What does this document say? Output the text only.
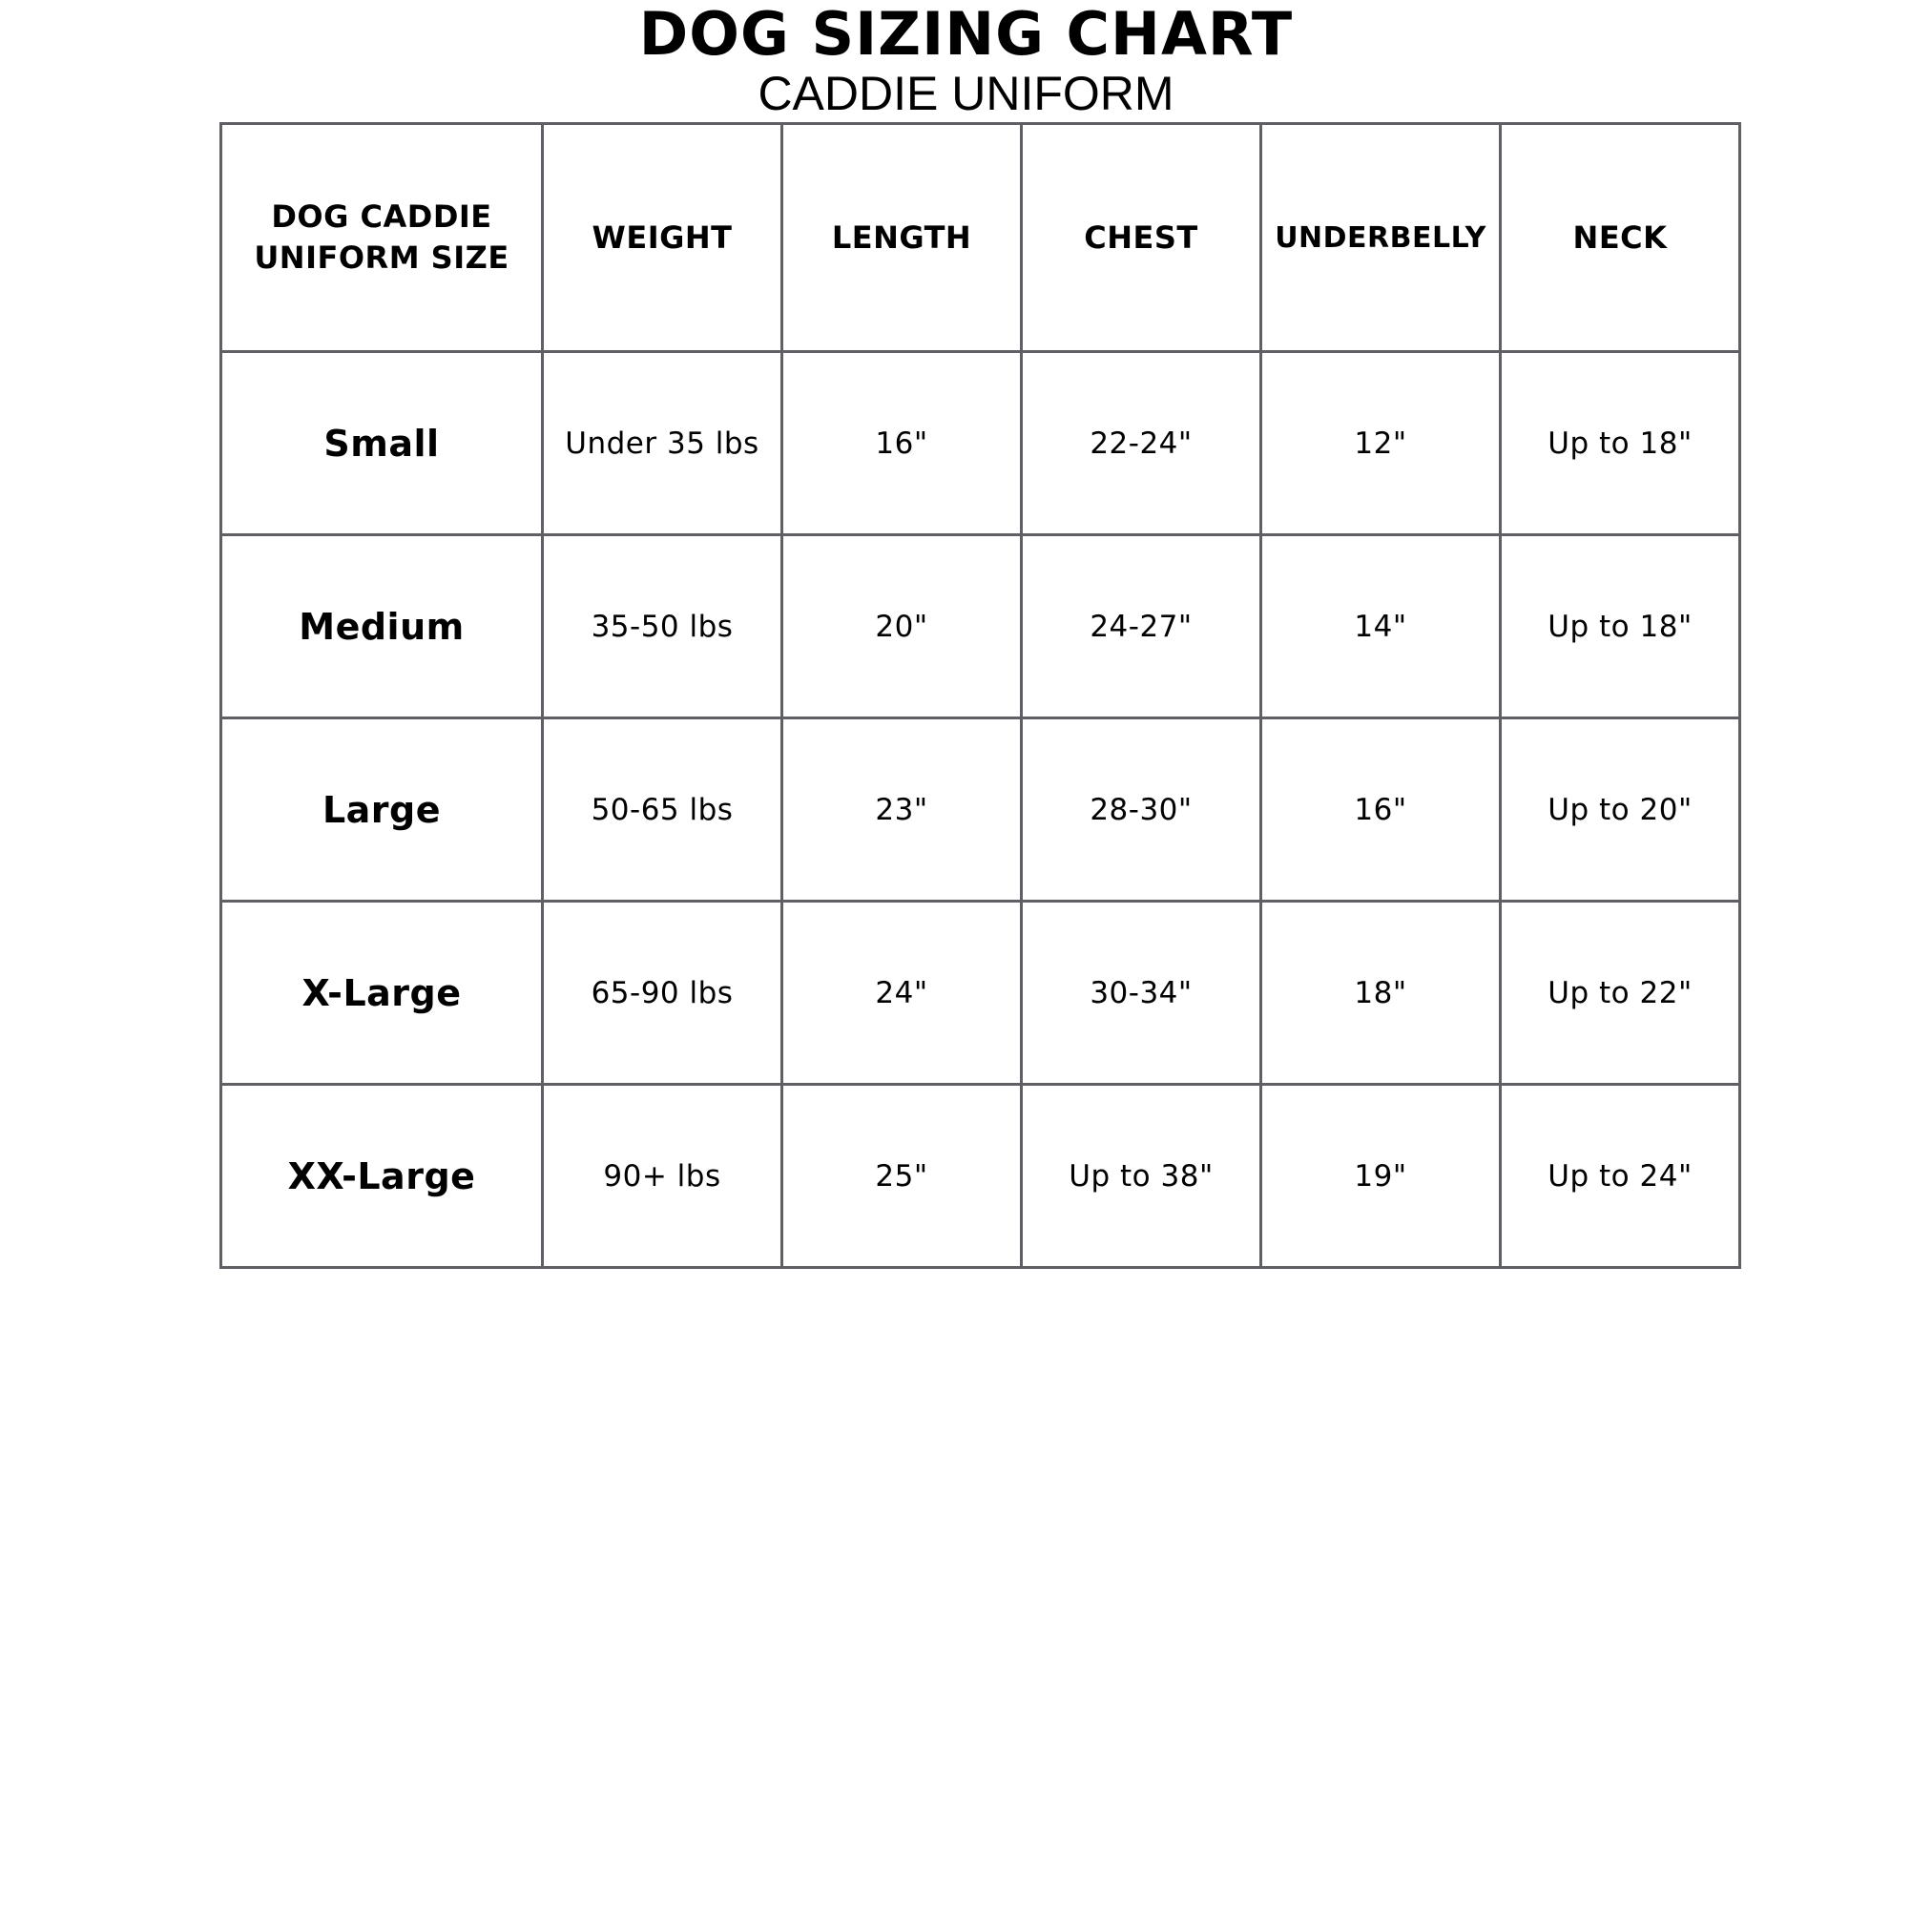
DOG SIZING CHART
CADDIE UNIFORM
DOG CADDIE UNIFORM SIZE	WEIGHT	LENGTH	CHEST	UNDERBELLY	NECK
Small	Under 35 lbs	16"	22-24"	12"	Up to 18"
Medium	35-50 lbs	20"	24-27"	14"	Up to 18"
Large	50-65 lbs	23"	28-30"	16"	Up to 20"
X-Large	65-90 lbs	24"	30-34"	18"	Up to 22"
XX-Large	90+ lbs	25"	Up to 38"	19"	Up to 24"
